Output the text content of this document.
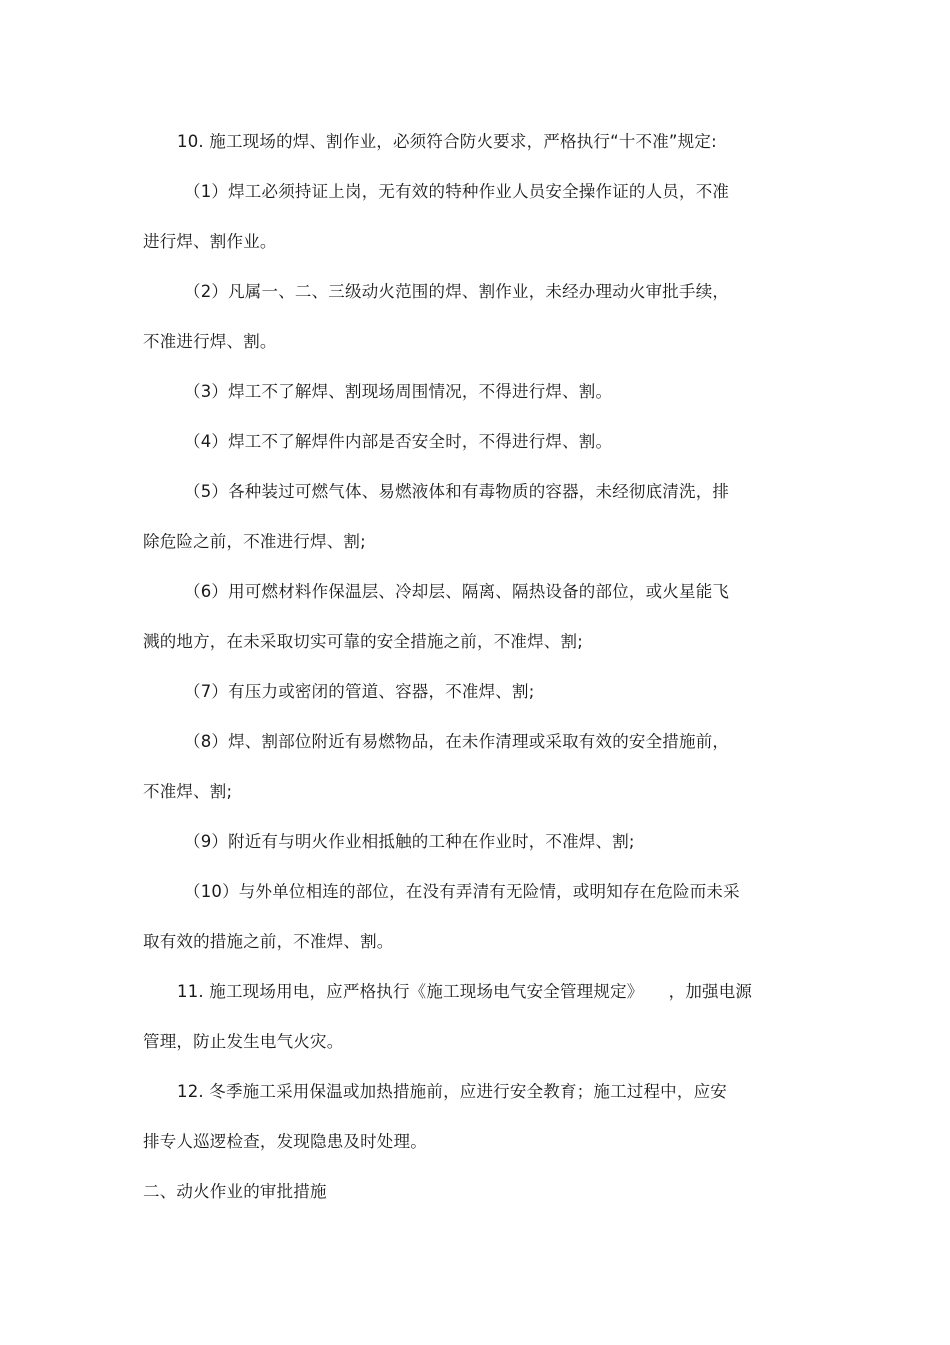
10. 施工现场的焊、割作业，必须符合防火要求，严格执行“十不准”规定:
（1）焊工必须持证上岗，无有效的特种作业人员安全操作证的人员，不准
进行焊、割作业。
（2）凡属一、二、三级动火范围的焊、割作业，未经办理动火审批手续，
不准进行焊、割。
（3）焊工不了解焊、割现场周围情况，不得进行焊、割。
（4）焊工不了解焊件内部是否安全时，不得进行焊、割。
（5）各种装过可燃气体、易燃液体和有毒物质的容器，未经彻底清洗，排
除危险之前，不准进行焊、割;
（6）用可燃材料作保温层、冷却层、隔离、隔热设备的部位，或火星能飞
溅的地方，在未采取切实可靠的安全措施之前，不准焊、割;
（7）有压力或密闭的管道、容器，不准焊、割;
（8）焊、割部位附近有易燃物品，在未作清理或采取有效的安全措施前，
不准焊、割;
（9）附近有与明火作业相抵触的工种在作业时，不准焊、割;
（10）与外单位相连的部位，在没有弄清有无险情，或明知存在危险而未采
取有效的措施之前，不准焊、割。
11. 施工现场用电，应严格执行《施工现场电气安全管理规定》　　，加强电源
管理，防止发生电气火灾。
12. 冬季施工采用保温或加热措施前，应进行安全教育；施工过程中，应安
排专人巡逻检查，发现隐患及时处理。
二、动火作业的审批措施
